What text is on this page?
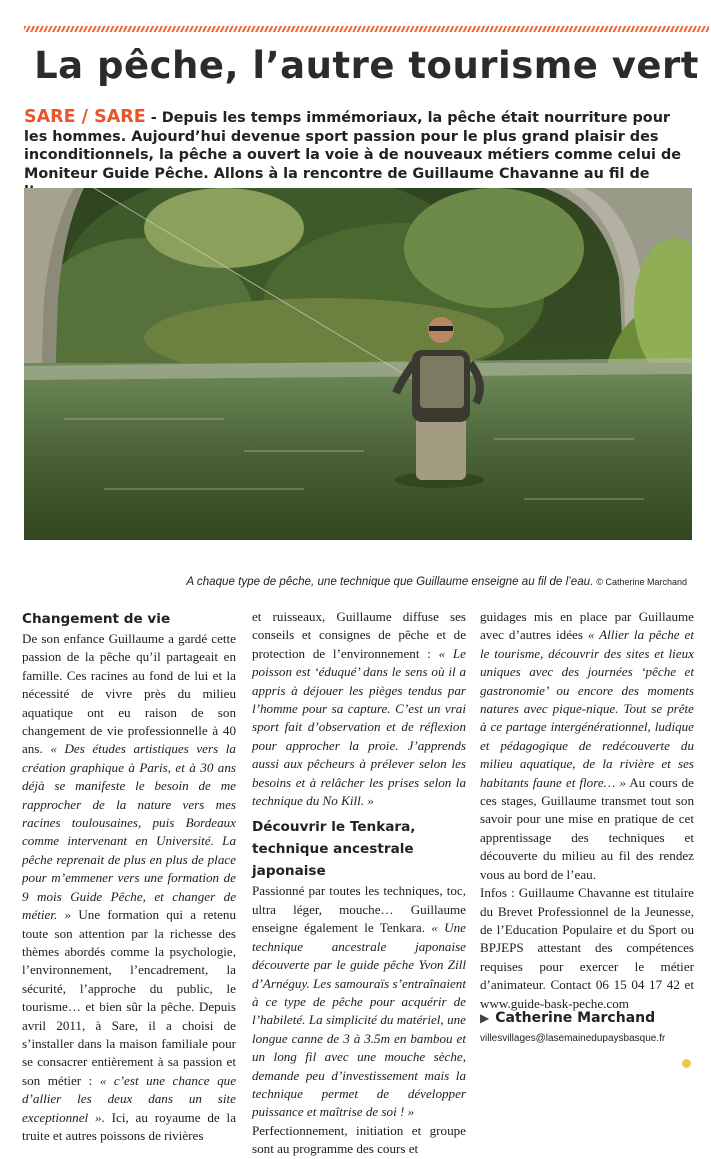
La pêche, l’autre tourisme vert

SARE / SARE - Depuis les temps immémoriaux, la pêche était nourriture pour les hommes. Aujourd’hui devenue sport passion pour le plus grand plaisir des inconditionnels, la pêche a ouvert la voie à de nouveaux métiers comme celui de Moniteur Guide Pêche. Allons à la rencontre de Guillaume Chavanne au fil de

A chaque type de pêche, une technique que Guillaume enseigne au fil de l’eau. © Catherine Marchand

Changement de vie

De son enfance Guillaume a gardé cette passion de la pêche qu’il partageait en famille. Ces racines au fond de lui et la nécessité de vivre près du milieu aquatique ont eu raison de son changement de vie professionnelle à 40 ans. « Des études artistiques vers la création graphique à Paris, et à 30 ans déjà se manifeste le besoin de me rapprocher de la nature vers mes racines toulousaines, puis Bordeaux comme intervenant en Université. La pêche reprenait de plus en plus de place pour m’emmener vers une formation de 9 mois Guide Pêche, et changer de métier. » Une formation qui a retenu toute son attention par la richesse des thèmes abordés comme la psychologie, l’environnement, l’encadrement, la sécurité, l’approche du public, le tourisme… et bien sûr la pêche. Depuis avril 2011, à Sare, il a choisi de s’installer dans la maison familiale pour se consacrer entièrement à sa passion et son métier : « c’est une chance que d’allier les deux dans un site exceptionnel ». Ici, au royaume de la truite et autres poissons de rivières

et ruisseaux, Guillaume diffuse ses conseils et consignes de pêche et de protection de l’environnement : « Le poisson est ‘éduqué’ dans le sens où il a appris à déjouer les pièges tendus par l’homme pour sa capture. C’est un vrai sport fait d’observation et de réflexion pour approcher la proie. J’apprends aussi aux pêcheurs à prélever selon les besoins et à relâcher les prises selon la technique du No Kill. »

Découvrir le Tenkara, technique ancestrale japonaise

Passionné par toutes les techniques, toc, ultra léger, mouche… Guillaume enseigne également le Tenkara. « Une technique ancestrale japonaise découverte par le guide pêche Yvon Zill d’Arnéguy. Les samouraïs s’entraînaient à ce type de pêche pour acquérir de l’habileté. La simplicité du matériel, une longue canne de 3 à 3.5m en bambou et un long fil avec une mouche sèche, demande peu d’investissement mais la technique permet de développer puissance et maîtrise de soi ! »

Perfectionnement, initiation et groupe sont au programme des cours et

guidages mis en place par Guillaume avec d’autres idées « Allier la pêche et le tourisme, découvrir des sites et lieux uniques avec des journées ‘pêche et gastronomie’ ou encore des moments natures avec pique-nique. Tout se prête à ce partage intergénérationnel, ludique et pédagogique de redécouverte du milieu aquatique, de la rivière et ses habitants faune et flore… » Au cours de ces stages, Guillaume transmet tout son savoir pour une mise en pratique de cet apprentissage des techniques et découverte du milieu au fil des rendez vous au bord de l’eau.

Infos : Guillaume Chavanne est titulaire du Brevet Professionnel de la Jeunesse, de l’Education Populaire et du Sport ou BPJEPS attestant des compétences requises pour exercer le métier d’animateur. Contact 06 15 04 17 42 et www.guide-bask-peche.com

▶ Catherine Marchand

villesvillages@lasemainedupaysbasque.fr
